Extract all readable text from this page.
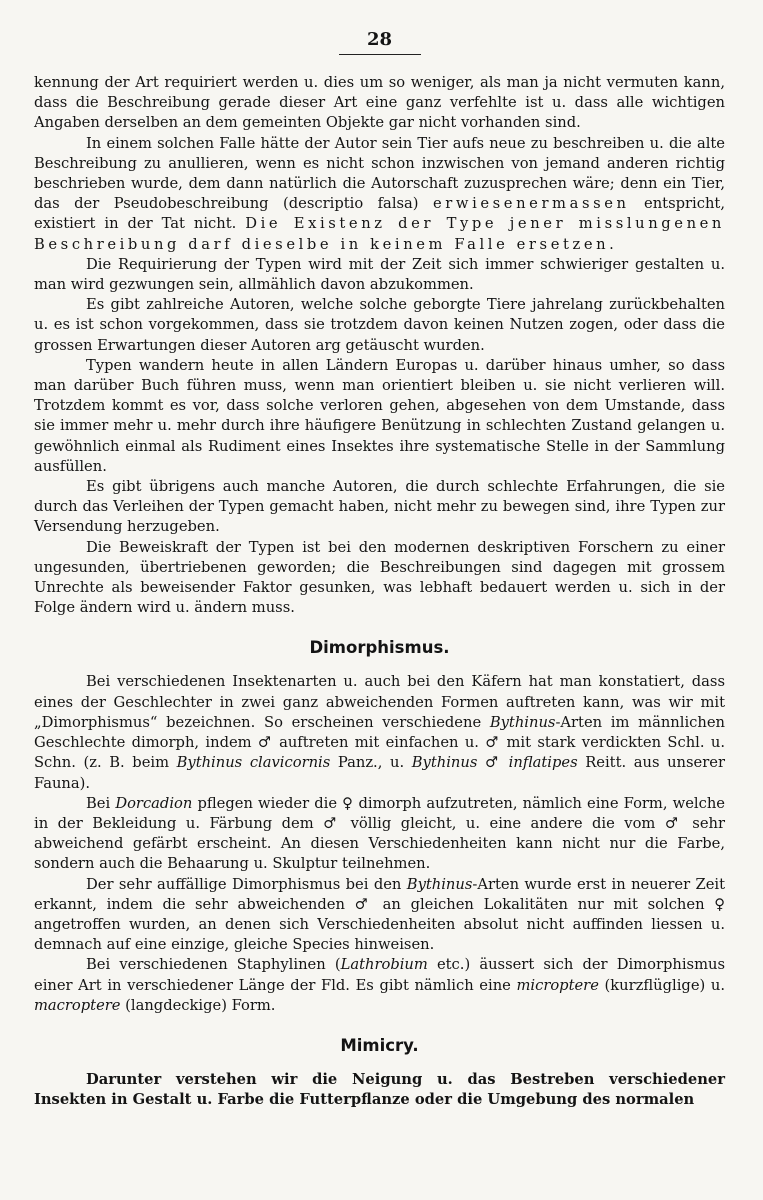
28

kennung der Art requiriert werden u. dies um so weniger, als man ja nicht vermuten kann, dass die Beschreibung gerade dieser Art eine ganz verfehlte ist u. dass alle wichtigen Angaben derselben an dem gemeinten Objekte gar nicht vorhanden sind.

In einem solchen Falle hätte der Autor sein Tier aufs neue zu beschreiben u. die alte Beschreibung zu anullieren, wenn es nicht schon inzwischen von jemand anderen richtig beschrieben wurde, dem dann natürlich die Autorschaft zuzusprechen wäre; denn ein Tier, das der Pseudobeschreibung (descriptio falsa) erwiesenermassen entspricht, existiert in der Tat nicht. Die Existenz der Type jener misslungenen Beschreibung darf dieselbe in keinem Falle ersetzen.

Die Requirierung der Typen wird mit der Zeit sich immer schwieriger gestalten u. man wird gezwungen sein, allmählich davon abzukommen.

Es gibt zahlreiche Autoren, welche solche geborgte Tiere jahrelang zurückbehalten u. es ist schon vorgekommen, dass sie trotzdem davon keinen Nutzen zogen, oder dass die grossen Erwartungen dieser Autoren arg getäuscht wurden.

Typen wandern heute in allen Ländern Europas u. darüber hinaus umher, so dass man darüber Buch führen muss, wenn man orientiert bleiben u. sie nicht verlieren will. Trotzdem kommt es vor, dass solche verloren gehen, abgesehen von dem Umstande, dass sie immer mehr u. mehr durch ihre häufigere Benützung in schlechten Zustand gelangen u. gewöhnlich einmal als Rudiment eines Insektes ihre systematische Stelle in der Sammlung ausfüllen.

Es gibt übrigens auch manche Autoren, die durch schlechte Erfahrungen, die sie durch das Verleihen der Typen gemacht haben, nicht mehr zu bewegen sind, ihre Typen zur Versendung herzugeben.

Die Beweiskraft der Typen ist bei den modernen deskriptiven Forschern zu einer ungesunden, übertriebenen geworden; die Beschreibungen sind dagegen mit grossem Unrechte als beweisender Faktor gesunken, was lebhaft bedauert werden u. sich in der Folge ändern wird u. ändern muss.

Dimorphismus.

Bei verschiedenen Insektenarten u. auch bei den Käfern hat man konstatiert, dass eines der Geschlechter in zwei ganz abweichenden Formen auftreten kann, was wir mit „Dimorphismus“ bezeichnen. So erscheinen verschiedene Bythinus-Arten im männlichen Geschlechte dimorph, indem ♂ auftreten mit einfachen u. ♂ mit stark verdickten Schl. u. Schn. (z. B. beim Bythinus clavicornis Panz., u. Bythinus ♂ inflatipes Reitt. aus unserer Fauna).

Bei Dorcadion pflegen wieder die ♀ dimorph aufzutreten, nämlich eine Form, welche in der Bekleidung u. Färbung dem ♂ völlig gleicht, u. eine andere die vom ♂ sehr abweichend gefärbt erscheint. An diesen Verschiedenheiten kann nicht nur die Farbe, sondern auch die Behaarung u. Skulptur teilnehmen.

Der sehr auffällige Dimorphismus bei den Bythinus-Arten wurde erst in neuerer Zeit erkannt, indem die sehr abweichenden ♂ an gleichen Lokalitäten nur mit solchen ♀ angetroffen wurden, an denen sich Verschiedenheiten absolut nicht auffinden liessen u. demnach auf eine einzige, gleiche Species hinweisen.

Bei verschiedenen Staphylinen (Lathrobium etc.) äussert sich der Dimorphismus einer Art in verschiedener Länge der Fld. Es gibt nämlich eine microptere (kurzflüglige) u. macroptere (langdeckige) Form.

Mimicry.

Darunter verstehen wir die Neigung u. das Bestreben verschiedener Insekten in Gestalt u. Farbe die Futterpflanze oder die Umgebung des normalen
